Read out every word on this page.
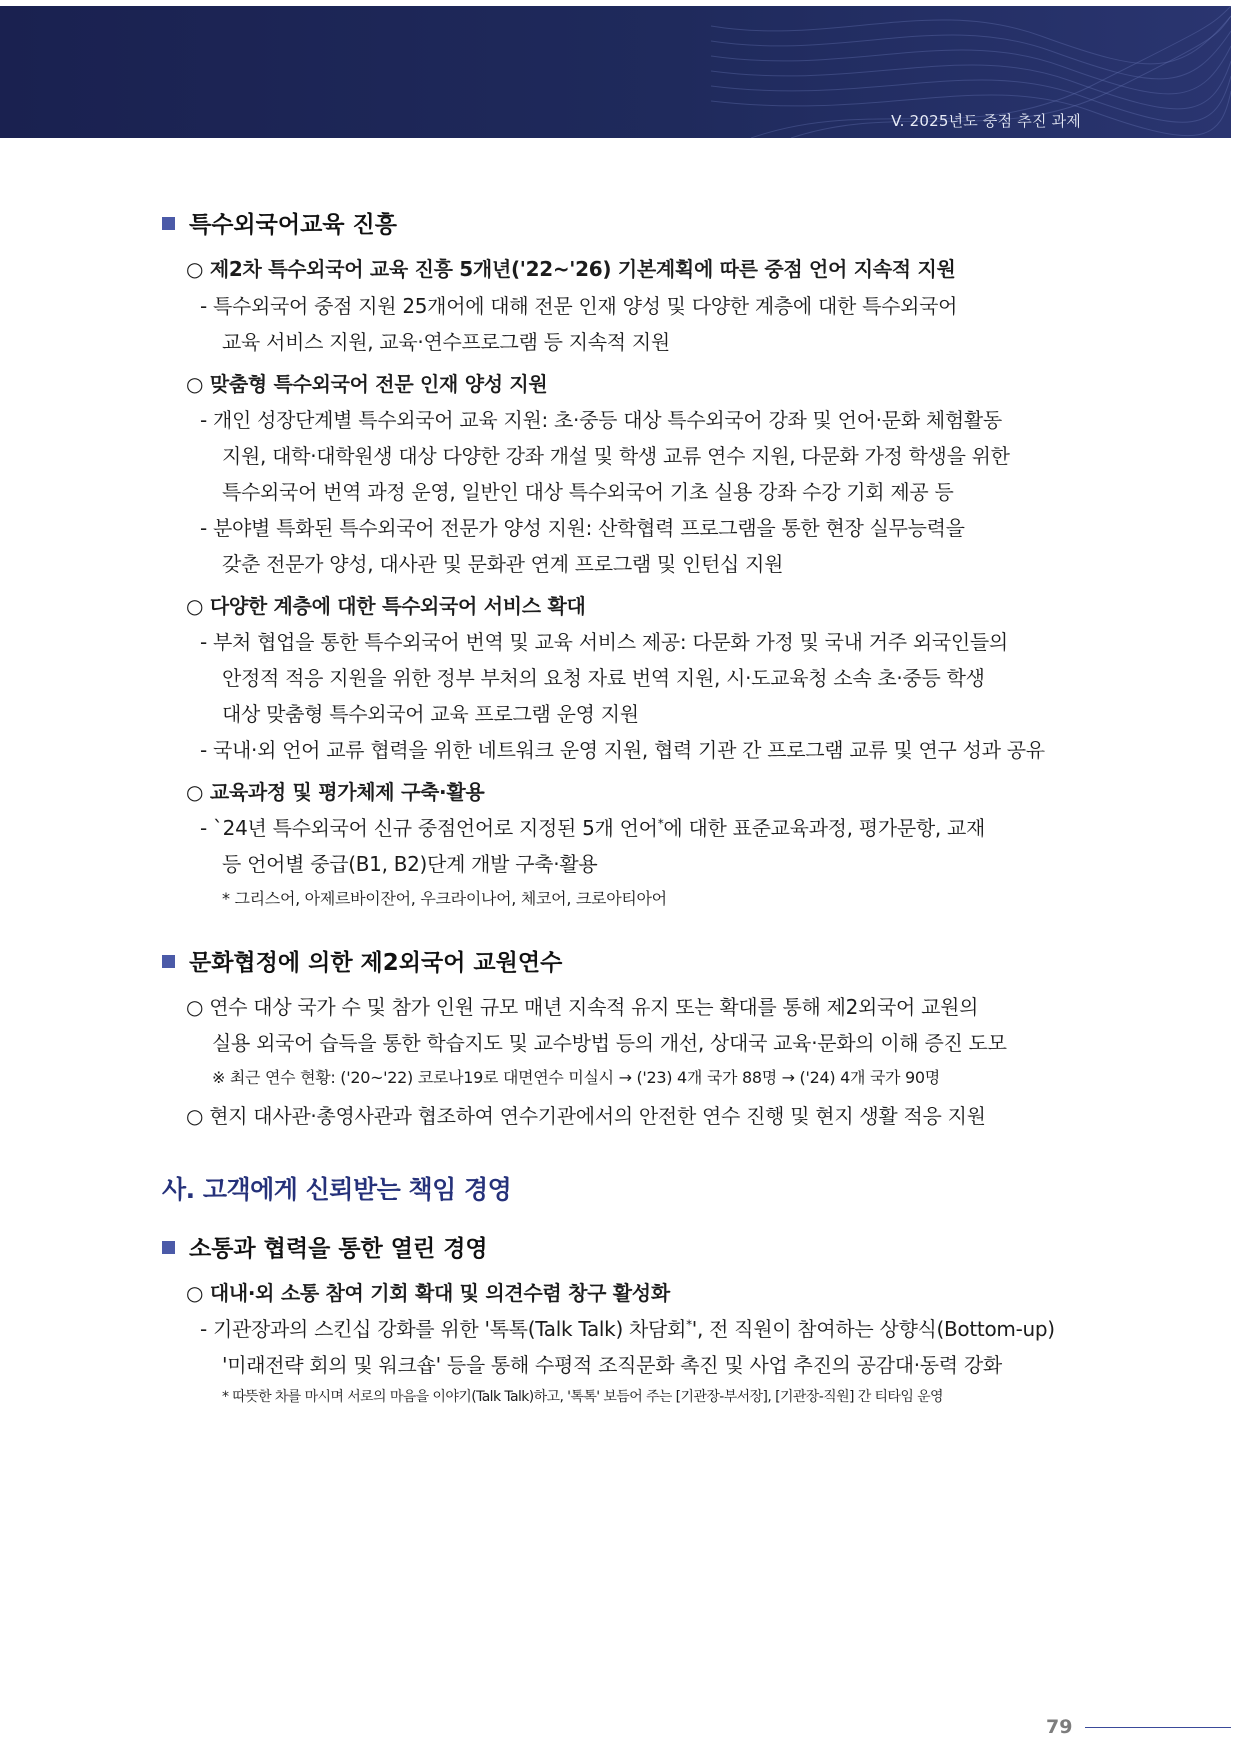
V. 2025년도 중점 추진 과제
특수외국어교육 진흥
○ 제2차 특수외국어 교육 진흥 5개년('22~'26) 기본계획에 따른 중점 언어 지속적 지원
- 특수외국어 중점 지원 25개어에 대해 전문 인재 양성 및 다양한 계층에 대한 특수외국어
교육 서비스 지원, 교육·연수프로그램 등 지속적 지원
○ 맞춤형 특수외국어 전문 인재 양성 지원
- 개인 성장단계별 특수외국어 교육 지원: 초·중등 대상 특수외국어 강좌 및 언어·문화 체험활동
지원, 대학·대학원생 대상 다양한 강좌 개설 및 학생 교류 연수 지원, 다문화 가정 학생을 위한
특수외국어 번역 과정 운영, 일반인 대상 특수외국어 기초 실용 강좌 수강 기회 제공 등
- 분야별 특화된 특수외국어 전문가 양성 지원: 산학협력 프로그램을 통한 현장 실무능력을
갖춘 전문가 양성, 대사관 및 문화관 연계 프로그램 및 인턴십 지원
○ 다양한 계층에 대한 특수외국어 서비스 확대
- 부처 협업을 통한 특수외국어 번역 및 교육 서비스 제공: 다문화 가정 및 국내 거주 외국인들의
안정적 적응 지원을 위한 정부 부처의 요청 자료 번역 지원, 시·도교육청 소속 초·중등 학생
대상 맞춤형 특수외국어 교육 프로그램 운영 지원
- 국내·외 언어 교류 협력을 위한 네트워크 운영 지원, 협력 기관 간 프로그램 교류 및 연구 성과 공유
○ 교육과정 및 평가체제 구축·활용
- `24년 특수외국어 신규 중점언어로 지정된 5개 언어*에 대한 표준교육과정, 평가문항, 교재
등 언어별 중급(B1, B2)단계 개발 구축·활용
* 그리스어, 아제르바이잔어, 우크라이나어, 체코어, 크로아티아어
문화협정에 의한 제2외국어 교원연수
○ 연수 대상 국가 수 및 참가 인원 규모 매년 지속적 유지 또는 확대를 통해 제2외국어 교원의
실용 외국어 습득을 통한 학습지도 및 교수방법 등의 개선, 상대국 교육·문화의 이해 증진 도모
※ 최근 연수 현황: ('20~'22) 코로나19로 대면연수 미실시 → ('23) 4개 국가 88명 → ('24) 4개 국가 90명
○ 현지 대사관·총영사관과 협조하여 연수기관에서의 안전한 연수 진행 및 현지 생활 적응 지원
사. 고객에게 신뢰받는 책임 경영
소통과 협력을 통한 열린 경영
○ 대내·외 소통 참여 기회 확대 및 의견수렴 창구 활성화
- 기관장과의 스킨십 강화를 위한 '톡톡(Talk Talk) 차담회*', 전 직원이 참여하는 상향식(Bottom-up)
'미래전략 회의 및 워크숍' 등을 통해 수평적 조직문화 촉진 및 사업 추진의 공감대·동력 강화
* 따뜻한 차를 마시며 서로의 마음을 이야기(Talk Talk)하고, '톡톡' 보듬어 주는 [기관장-부서장], [기관장-직원] 간 티타임 운영
79
